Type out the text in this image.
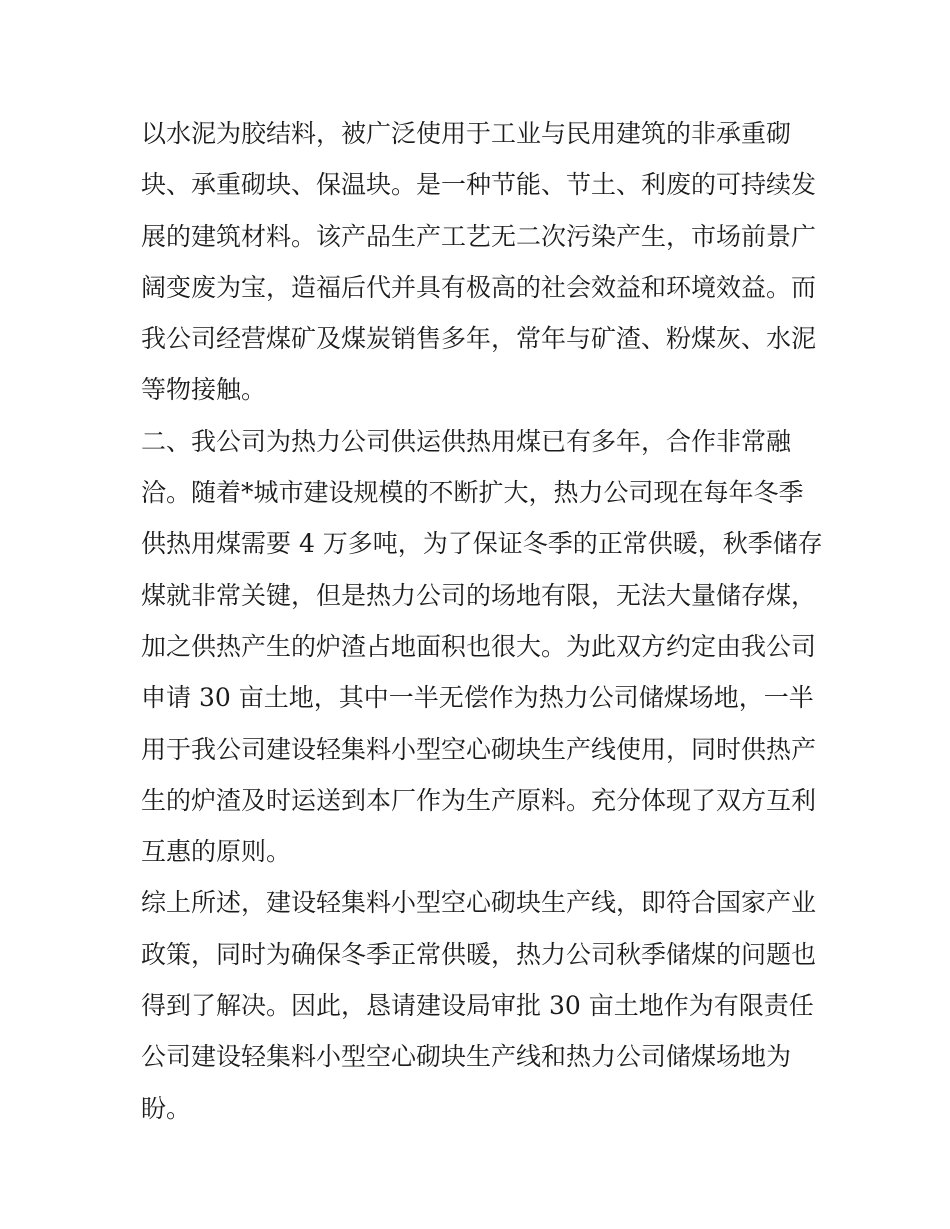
以水泥为胶结料，被广泛使用于工业与民用建筑的非承重砌
块、承重砌块、保温块。是一种节能、节土、利废的可持续发
展的建筑材料。该产品生产工艺无二次污染产生，市场前景广
阔变废为宝，造福后代并具有极高的社会效益和环境效益。而
我公司经营煤矿及煤炭销售多年，常年与矿渣、粉煤灰、水泥
等物接触。
二、我公司为热力公司供运供热用煤已有多年，合作非常融
洽。随着*城市建设规模的不断扩大，热力公司现在每年冬季
供热用煤需要 4 万多吨，为了保证冬季的正常供暖，秋季储存
煤就非常关键，但是热力公司的场地有限，无法大量储存煤，
加之供热产生的炉渣占地面积也很大。为此双方约定由我公司
申请 30 亩土地，其中一半无偿作为热力公司储煤场地，一半
用于我公司建设轻集料小型空心砌块生产线使用，同时供热产
生的炉渣及时运送到本厂作为生产原料。充分体现了双方互利
互惠的原则。
综上所述，建设轻集料小型空心砌块生产线，即符合国家产业
政策，同时为确保冬季正常供暖，热力公司秋季储煤的问题也
得到了解决。因此，恳请建设局审批 30 亩土地作为有限责任
公司建设轻集料小型空心砌块生产线和热力公司储煤场地为
盼。
